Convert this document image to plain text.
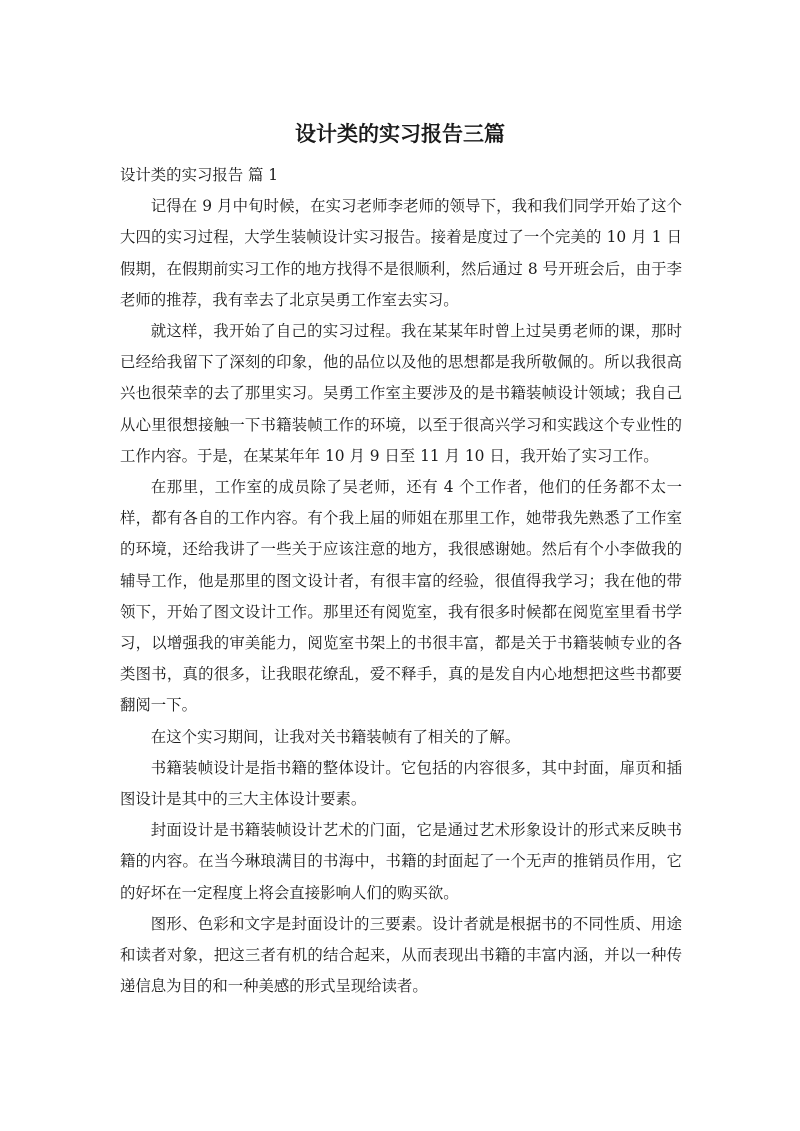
设计类的实习报告三篇

设计类的实习报告 篇 1

记得在 9 月中旬时候，在实习老师李老师的领导下，我和我们同学开始了这个大四的实习过程，大学生装帧设计实习报告。接着是度过了一个完美的 10 月 1 日假期，在假期前实习工作的地方找得不是很顺利，然后通过 8 号开班会后，由于李老师的推荐，我有幸去了北京吴勇工作室去实习。

就这样，我开始了自己的实习过程。我在某某年时曾上过吴勇老师的课，那时已经给我留下了深刻的印象，他的品位以及他的思想都是我所敬佩的。所以我很高兴也很荣幸的去了那里实习。吴勇工作室主要涉及的是书籍装帧设计领域；我自己从心里很想接触一下书籍装帧工作的环境，以至于很高兴学习和实践这个专业性的工作内容。于是，在某某年年 10 月 9 日至 11 月 10 日，我开始了实习工作。

在那里，工作室的成员除了吴老师，还有 4 个工作者，他们的任务都不太一样，都有各自的工作内容。有个我上届的师姐在那里工作，她带我先熟悉了工作室的环境，还给我讲了一些关于应该注意的地方，我很感谢她。然后有个小李做我的辅导工作，他是那里的图文设计者，有很丰富的经验，很值得我学习；我在他的带领下，开始了图文设计工作。那里还有阅览室，我有很多时候都在阅览室里看书学习，以增强我的审美能力，阅览室书架上的书很丰富，都是关于书籍装帧专业的各类图书，真的很多，让我眼花缭乱，爱不释手，真的是发自内心地想把这些书都要翻阅一下。

在这个实习期间，让我对关书籍装帧有了相关的了解。

书籍装帧设计是指书籍的整体设计。它包括的内容很多，其中封面，扉页和插图设计是其中的三大主体设计要素。

封面设计是书籍装帧设计艺术的门面，它是通过艺术形象设计的形式来反映书籍的内容。在当今琳琅满目的书海中，书籍的封面起了一个无声的推销员作用，它的好坏在一定程度上将会直接影响人们的购买欲。

图形、色彩和文字是封面设计的三要素。设计者就是根据书的不同性质、用途和读者对象，把这三者有机的结合起来，从而表现出书籍的丰富内涵，并以一种传递信息为目的和一种美感的形式呈现给读者。
